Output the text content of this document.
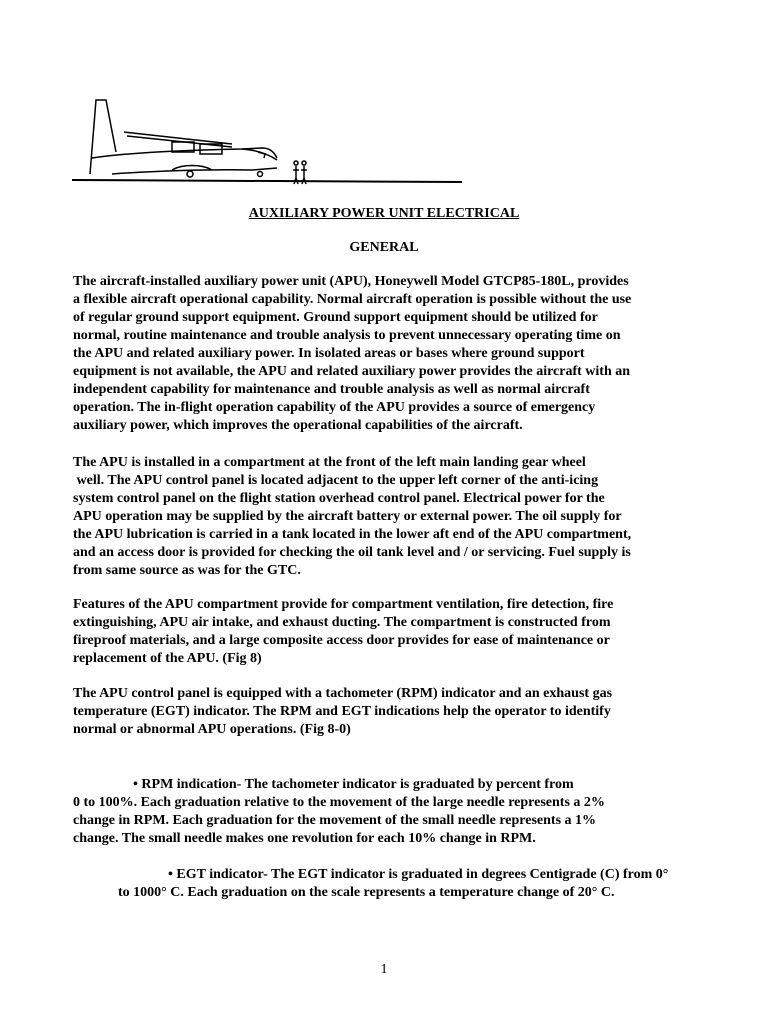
AUXILIARY POWER UNIT ELECTRICAL
GENERAL

The aircraft-installed auxiliary power unit (APU), Honeywell Model GTCP85-180L, provides
a flexible aircraft operational capability. Normal aircraft operation is possible without the use
of regular ground support equipment. Ground support equipment should be utilized for
normal, routine maintenance and trouble analysis to prevent unnecessary operating time on
the APU and related auxiliary power. In isolated areas or bases where ground support
equipment is not available, the APU and related auxiliary power provides the aircraft with an
independent capability for maintenance and trouble analysis as well as normal aircraft
operation. The in-flight operation capability of the APU provides a source of emergency
auxiliary power, which improves the operational capabilities of the aircraft.

The APU is installed in a compartment at the front of the left main landing gear wheel
well. The APU control panel is located adjacent to the upper left corner of the anti-icing
system control panel on the flight station overhead control panel. Electrical power for the
APU operation may be supplied by the aircraft battery or external power. The oil supply for
the APU lubrication is carried in a tank located in the lower aft end of the APU compartment,
and an access door is provided for checking the oil tank level and / or servicing. Fuel supply is
from same source as was for the GTC.

Features of the APU compartment provide for compartment ventilation, fire detection, fire
extinguishing, APU air intake, and exhaust ducting. The compartment is constructed from
fireproof materials, and a large composite access door provides for ease of maintenance or
replacement of the APU. (Fig 8)

The APU control panel is equipped with a tachometer (RPM) indicator and an exhaust gas
temperature (EGT) indicator. The RPM and EGT indications help the operator to identify
normal or abnormal APU operations. (Fig 8-0)

• RPM indication- The tachometer indicator is graduated by percent from
0 to 100%. Each graduation relative to the movement of the large needle represents a 2%
change in RPM. Each graduation for the movement of the small needle represents a 1%
change. The small needle makes one revolution for each 10% change in RPM.
• EGT indicator- The EGT indicator is graduated in degrees Centigrade (C) from 0°
to 1000° C. Each graduation on the scale represents a temperature change of 20° C.
1
